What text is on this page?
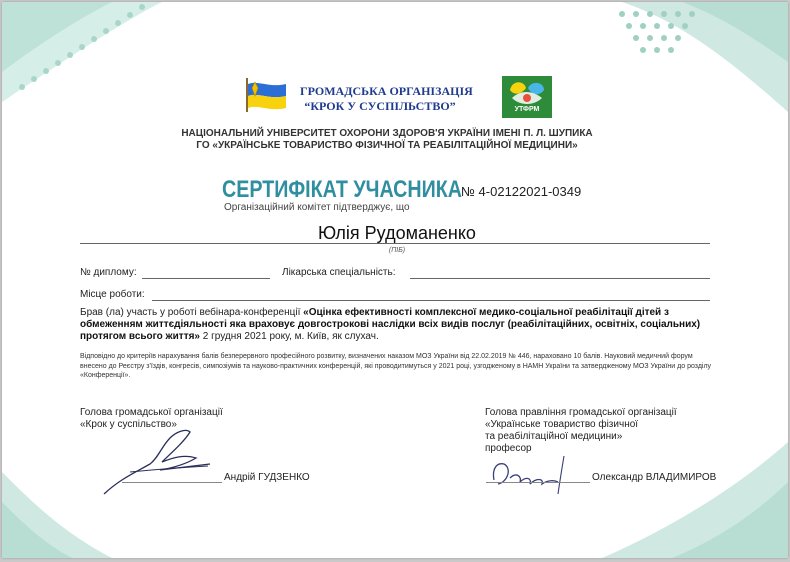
ГРОМАДСЬКА ОРГАНІЗАЦІЯ
“КРОК У СУСПІЛЬСТВО”	УТФРМ
НАЦІОНАЛЬНИЙ УНІВЕРСИТЕТ ОХОРОНИ ЗДОРОВ'Я УКРАЇНИ ІМЕНІ П. Л. ШУПИКА
ГО «УКРАЇНСЬКЕ ТОВАРИСТВО ФІЗИЧНОЇ ТА РЕАБІЛІТАЦІЙНОЇ МЕДИЦИНИ»
СЕРТИФІКАТ УЧАСНИКА № 4-02122021-0349
Організаційний комітет підтверджує, що
Юлія Рудоманенко
(ПІБ)
№ диплому:	Лікарська спеціальність:
Місце роботи:
Брав (ла) участь у роботі вебінара-конференції «Оцінка ефективності комплексної медико-соціальної реабілітації дітей з обмеженням життєдіяльності яка враховує довгострокові наслідки всіх видів послуг (реабілітаційних, освітніх, соціальних) протягом всього життя» 2 грудня 2021 року, м. Київ, як слухач.
Відповідно до критеріїв нарахування балів безперервного професійного розвитку, визначених наказом МОЗ України від 22.02.2019 № 446, нараховано 10 балів. Науковий медичний форум внесено до Реєстру з'їздів, конгресів, симпозіумів та науково-практичних конференцій, які проводитимуться у 2021 році, узгодженому в НАМН України та затвердженому МОЗ України до розділу «Конференції».
Голова громадської організації
«Крок у суспільство»
Андрій ГУДЗЕНКО
Голова правління громадської організації
«Українське товариство фізичної
та реабілітаційної медицини»
професор
Олександр ВЛАДИМИРОВ
